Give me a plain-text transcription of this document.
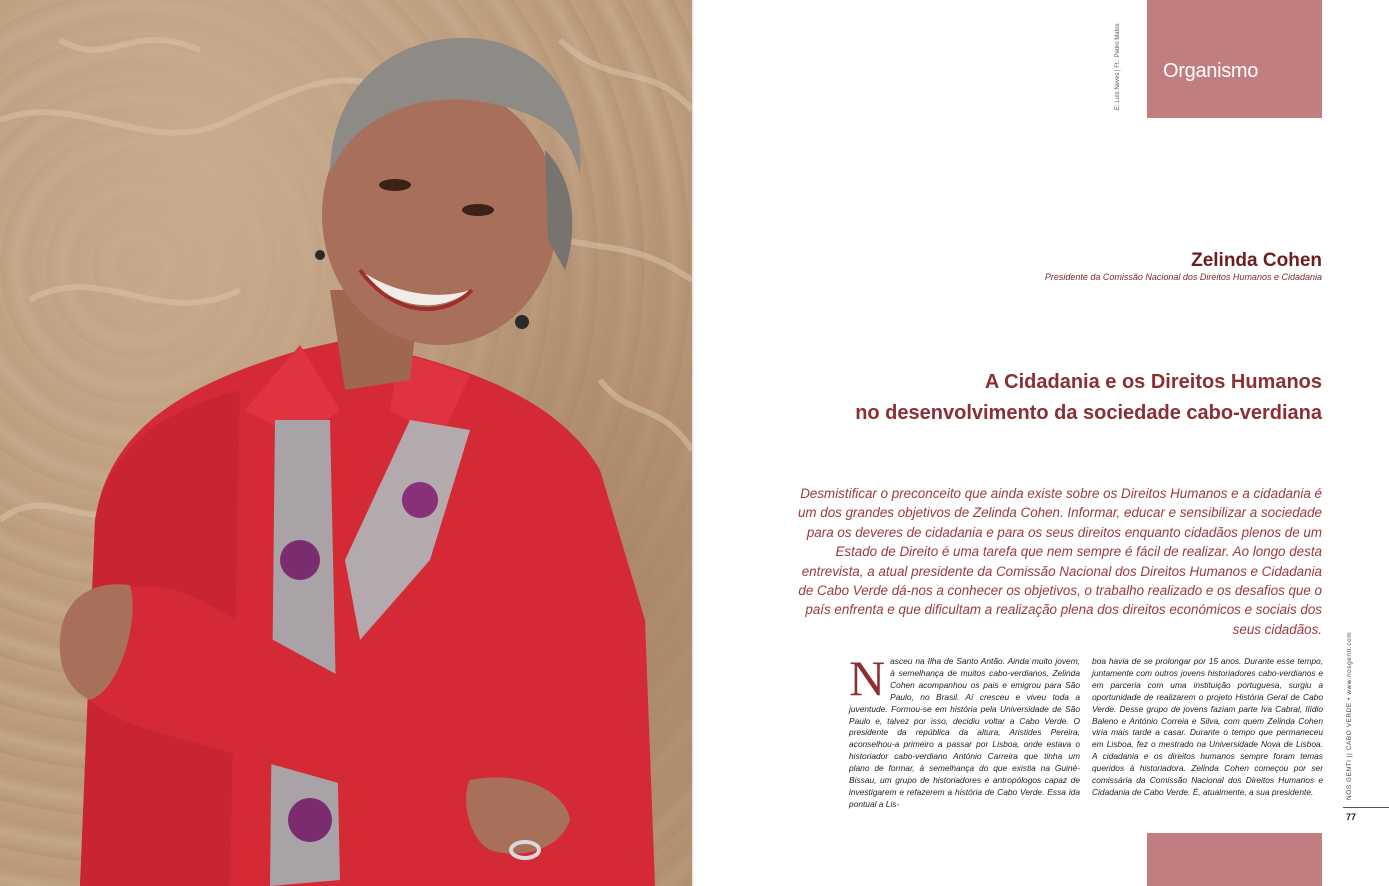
Organismo
E: Luís Neves | Ft.: Pedro Matos
Zelinda Cohen
Presidente da Comissão Nacional dos Direitos Humanos e Cidadania
A Cidadania e os Direitos Humanos
no desenvolvimento da sociedade cabo-verdiana
Desmistificar o preconceito que ainda existe sobre os Direitos Humanos e a cidadania é um dos grandes objetivos de Zelinda Cohen. Informar, educar e sensibilizar a sociedade para os deveres de cidadania e para os seus direitos enquanto cidadãos plenos de um Estado de Direito é uma tarefa que nem sempre é fácil de realizar. Ao longo desta entrevista, a atual presidente da Comissão Nacional dos Direitos Humanos e Cidadania de Cabo Verde dá-nos a conhecer os objetivos, o trabalho realizado e os desafios que o país enfrenta e que dificultam a realização plena dos direitos económicos e sociais dos seus cidadãos.
N asceu na Ilha de Santo Antão. Ainda muito jovem, à semelhança de muitos cabo-verdianos, Zelinda Cohen acompanhou os pais e emigrou para São Paulo, no Brasil. Aí cresceu e viveu toda a juventude. Formou-se em história pela Universidade de São Paulo e, talvez por isso, decidiu voltar a Cabo Verde. O presidente da república da altura, Aristides Pereira, aconselhou-a primeiro a passar por Lisboa, onde estava o historiador cabo-verdiano António Carreira que tinha um plano de formar, à semelhança do que existia na Guiné-Bissau, um grupo de historiadores e antropólogos capaz de investigarem e refazerem a história de Cabo Verde. Essa ida pontual a Lis-
boa havia de se prolongar por 15 anos. Durante esse tempo, juntamente com outros jovens historiadores cabo-verdianos e em parceria com uma instituição portuguesa, surgiu a oportunidade de realizarem o projeto História Geral de Cabo Verde. Desse grupo de jovens faziam parte Iva Cabral, Ilídio Baleno e António Correia e Silva, com quem Zelinda Cohen viria mais tarde a casar. Durante o tempo que permaneceu em Lisboa, fez o mestrado na Universidade Nova de Lisboa. A cidadania e os direitos humanos sempre foram temas queridos à historiadora. Zelinda Cohen começou por ser comissária da Comissão Nacional dos Direitos Humanos e Cidadania de Cabo Verde. É, atualmente, a sua presidente.	NÓS GENTI || CABO VERDE • www.nosgenti.com
77
